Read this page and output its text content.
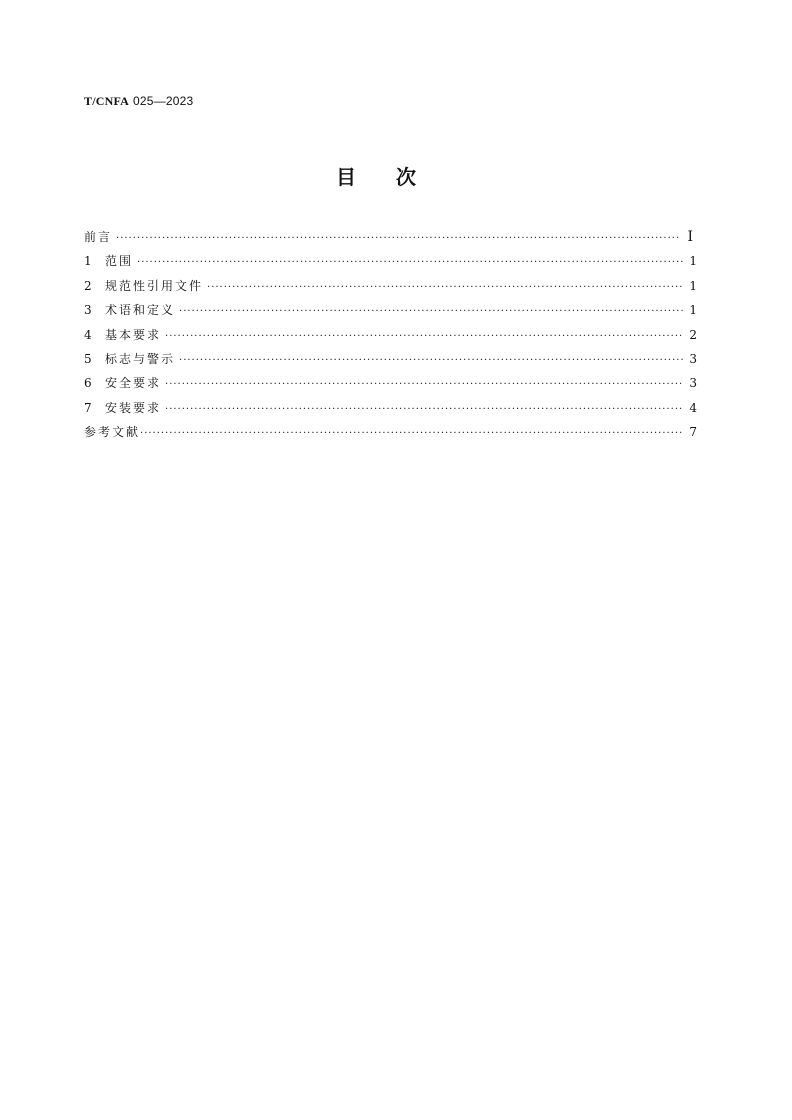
T/CNFA 025—2023
目次
前言 ·····	Ⅰ
1	范围 ·····	1
2	规范性引用文件 ·····	1
3	术语和定义 ·····	1
4	基本要求 ·····	2
5	标志与警示 ·····	3
6	安全要求 ·····	3
7	安装要求 ·····	4
参考文献 ·····	7
